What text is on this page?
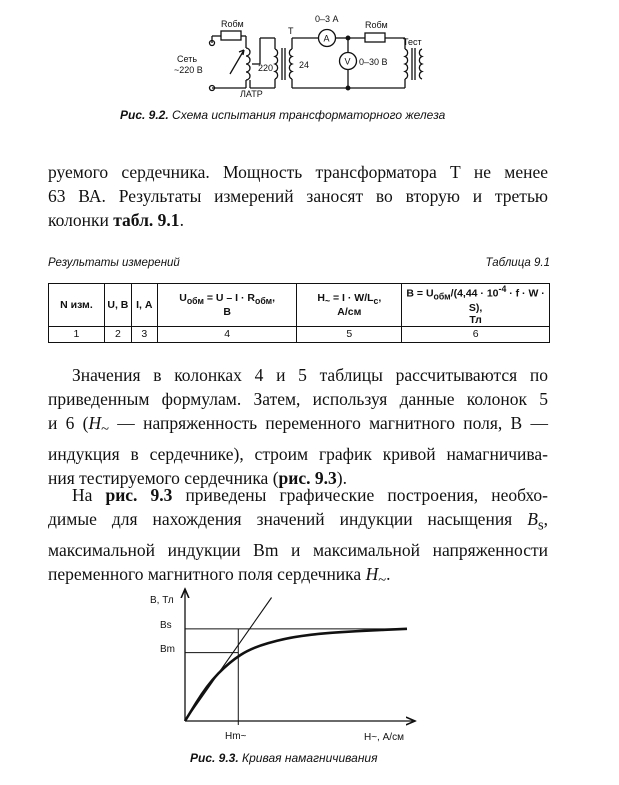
Rобм
Сеть
~220 В
ЛАТР
220
T
24
0–3 А
A
Rобм
V 0–30 В
Тест
Рис. 9.2. Схема испытания трансформаторного железа
руемого сердечника. Мощность трансформатора Т не менее
63 ВА. Результаты измерений заносят во вторую и третью
колонки табл. 9.1.
Результаты измерений	Таблица 9.1
N изм.	U, В	I, А	$U_{обм} = U - I \cdot R_{обм}$,
В	$H_\sim = I \cdot W/L_c$,
А/см	$B = U_{обм}/(4,44 \cdot 10^{-4} \cdot f \cdot W \cdot S)$,
Тл
1	2	3	4	5	6
Значения в колонках 4 и 5 таблицы рассчитываются по
приведенным формулам. Затем, используя данные колонок 5
и 6 ($H_\sim$ — напряженность переменного магнитного поля, В —
индукция в сердечнике), строим график кривой намагничива-
ния тестируемого сердечника (рис. 9.3).
На рис. 9.3 приведены графические построения, необхо-
димые для нахождения значений индукции насыщения $B_s$,
максимальной индукции Bm и максимальной напряженности
переменного магнитного поля сердечника $H_\sim$.
B, Тл
H~, А/см
Bs
Bm
Hm~
Рис. 9.3. Кривая намагничивания
